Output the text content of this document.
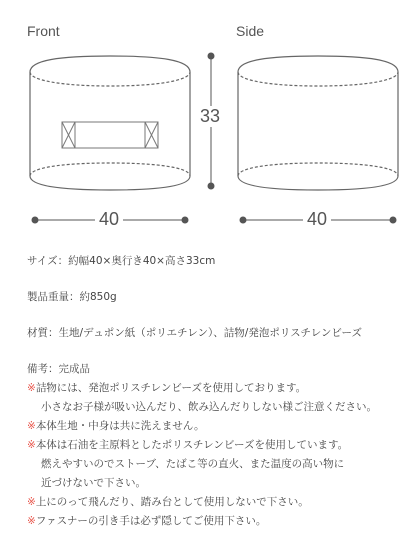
Front	Side
33
40	40

サイズ：約幅40×奥行き40×高さ33cm

製品重量：約850g

材質：生地/デュポン紙（ポリエチレン）、詰物/発泡ポリスチレンビーズ

備考：完成品

※詰物には、発泡ポリスチレンビーズを使用しております。

小さなお子様が吸い込んだり、飲み込んだりしない様ご注意ください。

※本体生地・中身は共に洗えません。

※本体は石油を主原料としたポリスチレンビーズを使用しています。

燃えやすいのでストーブ、たばこ等の直火、また温度の高い物に

近づけないで下さい。

※上にのって飛んだり、踏み台として使用しないで下さい。

※ファスナーの引き手は必ず隠してご使用下さい。
